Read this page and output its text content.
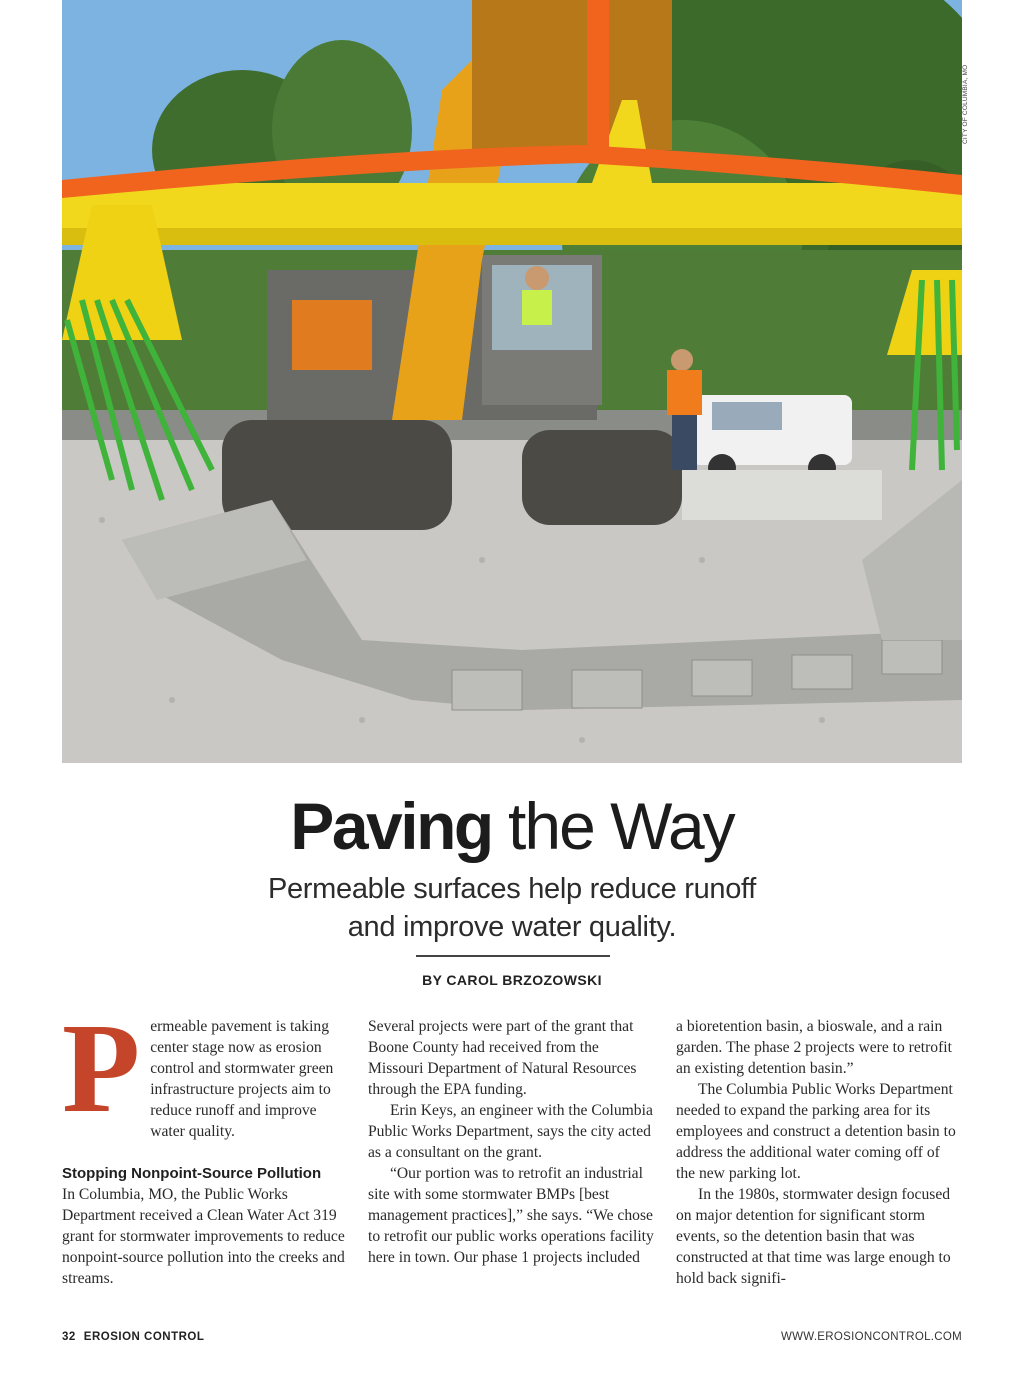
CITY OF COLUMBIA, MO
Paving the Way
Permeable surfaces help reduce runoff
and improve water quality.
BY CAROL BRZOZOWSKI

Permeable pavement is taking center stage now as erosion control and stormwater green infrastructure projects aim to reduce runoff and improve water quality.

Stopping Nonpoint-Source Pollution

In Columbia, MO, the Public Works Department received a Clean Water Act 319 grant for stormwater improvements to reduce nonpoint-source pollution into the creeks and streams.

Several projects were part of the grant that Boone County had received from the Missouri Department of Natural Resources through the EPA funding.

Erin Keys, an engineer with the Columbia Public Works Department, says the city acted as a consultant on the grant.

“Our portion was to retrofit an industrial site with some stormwater BMPs [best management practices],” she says. “We chose to retrofit our public works operations facility here in town. Our phase 1 projects included

a bioretention basin, a bioswale, and a rain garden. The phase 2 projects were to retrofit an existing detention basin.”

The Columbia Public Works Department needed to expand the parking area for its employees and construct a detention basin to address the additional water coming off of the new parking lot.

In the 1980s, stormwater design focused on major detention for significant storm events, so the detention basin that was constructed at that time was large enough to hold back signifi-

32 EROSION CONTROL	WWW.EROSIONCONTROL.COM
